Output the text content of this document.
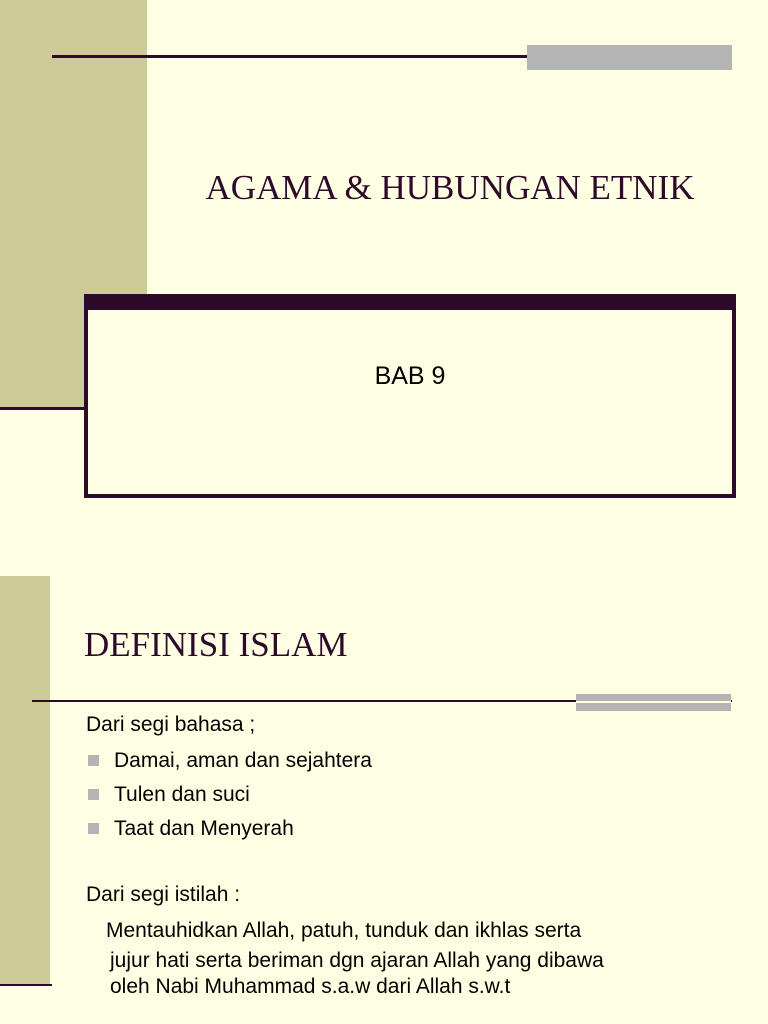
AGAMA & HUBUNGAN ETNIK
BAB 9
DEFINISI ISLAM
Dari segi bahasa ;
Damai, aman dan sejahtera
Tulen dan suci
Taat dan Menyerah
Dari segi istilah :
Mentauhidkan Allah, patuh, tunduk dan ikhlas serta
jujur hati serta beriman dgn ajaran Allah yang dibawa
oleh Nabi Muhammad s.a.w dari Allah s.w.t
